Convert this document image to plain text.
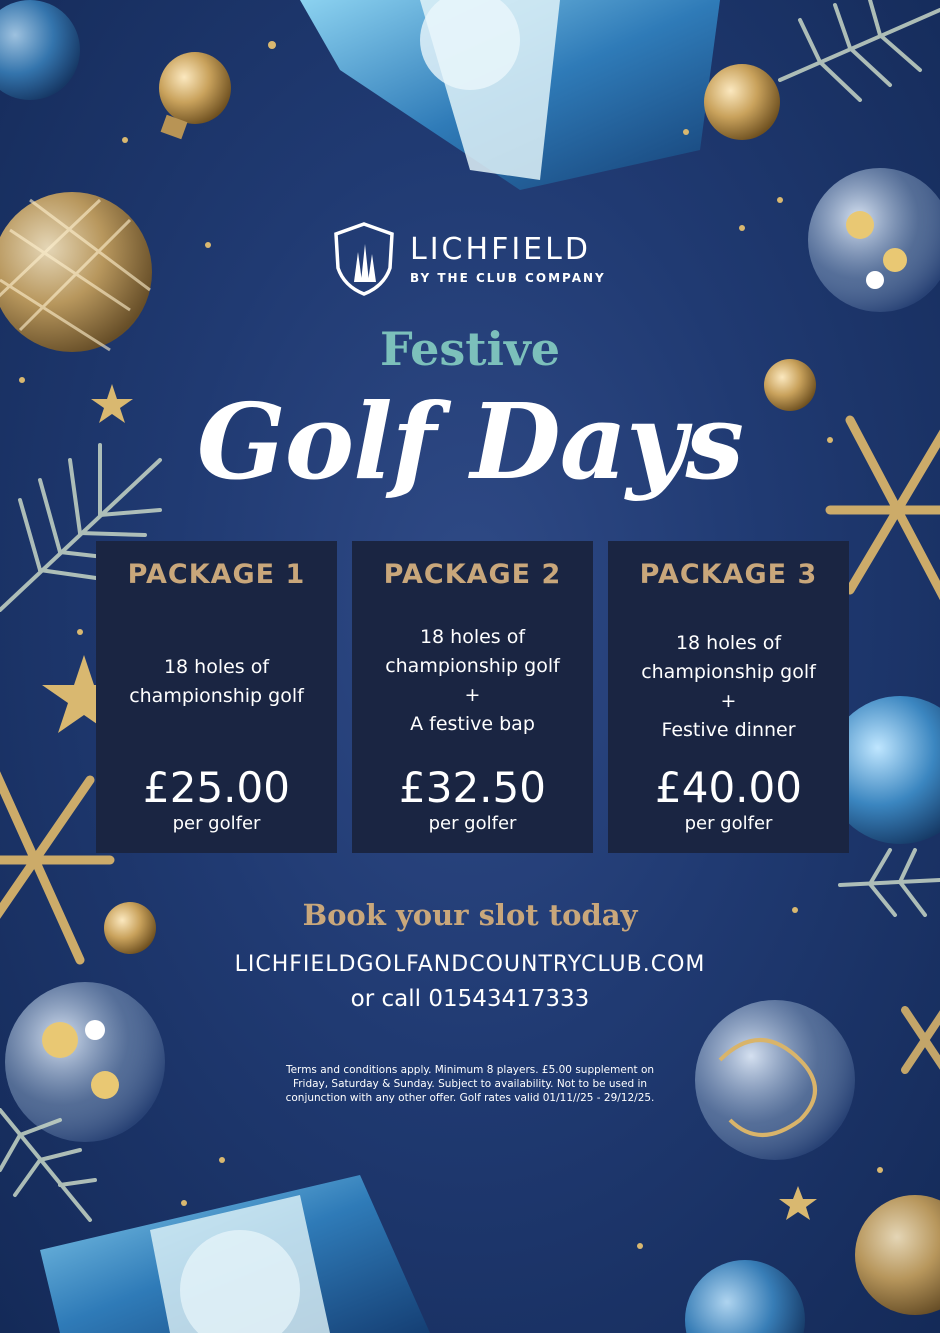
LICHFIELD
BY THE CLUB COMPANY
Festive
Golf Days
PACKAGE 1
18 holes of
championship golf
£25.00
per golfer
PACKAGE 2
18 holes of
championship golf
+
A festive bap
£32.50
per golfer
PACKAGE 3
18 holes of
championship golf
+
Festive dinner
£40.00
per golfer
Book your slot today
LICHFIELDGOLFANDCOUNTRYCLUB.COM
or call 01543417333
Terms and conditions apply. Minimum 8 players. £5.00 supplement on
Friday, Saturday & Sunday. Subject to availability. Not to be used in
conjunction with any other offer. Golf rates valid 01/11//25 - 29/12/25.
